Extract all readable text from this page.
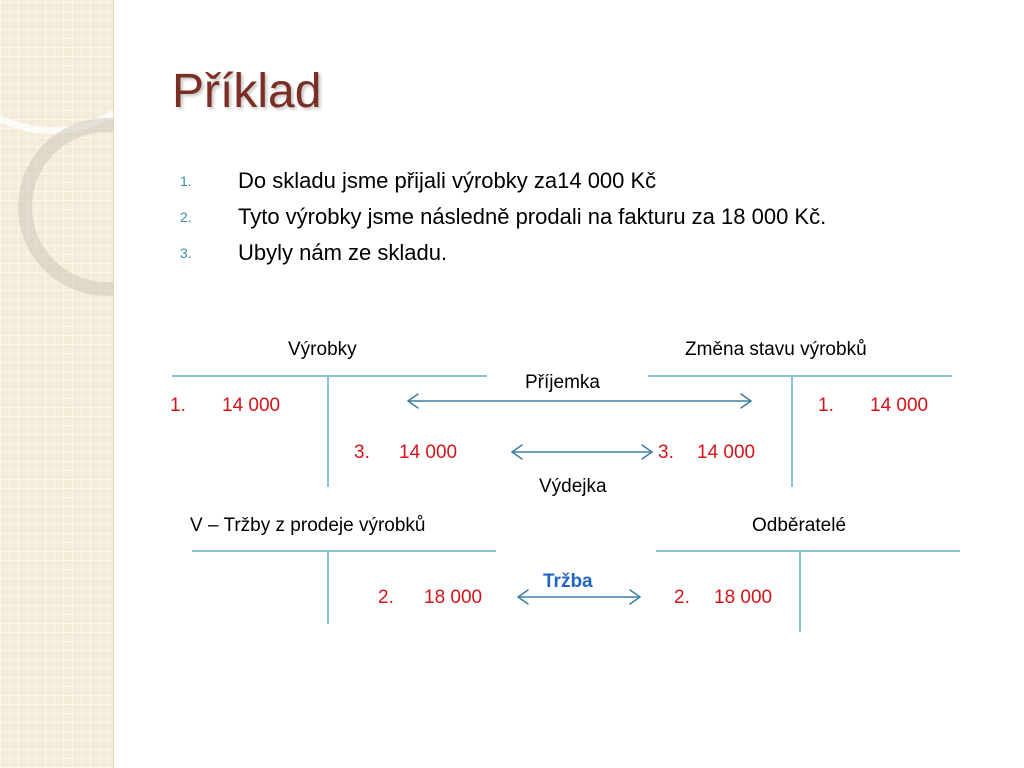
Příklad
1.	Do skladu jsme přijali výrobky za14 000 Kč
2.	Tyto výrobky jsme následně prodali na fakturu za 18 000 Kč.
3.	Ubyly nám ze skladu.
Výrobky
1. 14 000
3. 14 000
Změna stavu výrobků
3. 14 000
1. 14 000
V – Tržby z prodeje výrobků
2. 18 000
Odběratelé
2. 18 000
Příjemka
Výdejka
Tržba
